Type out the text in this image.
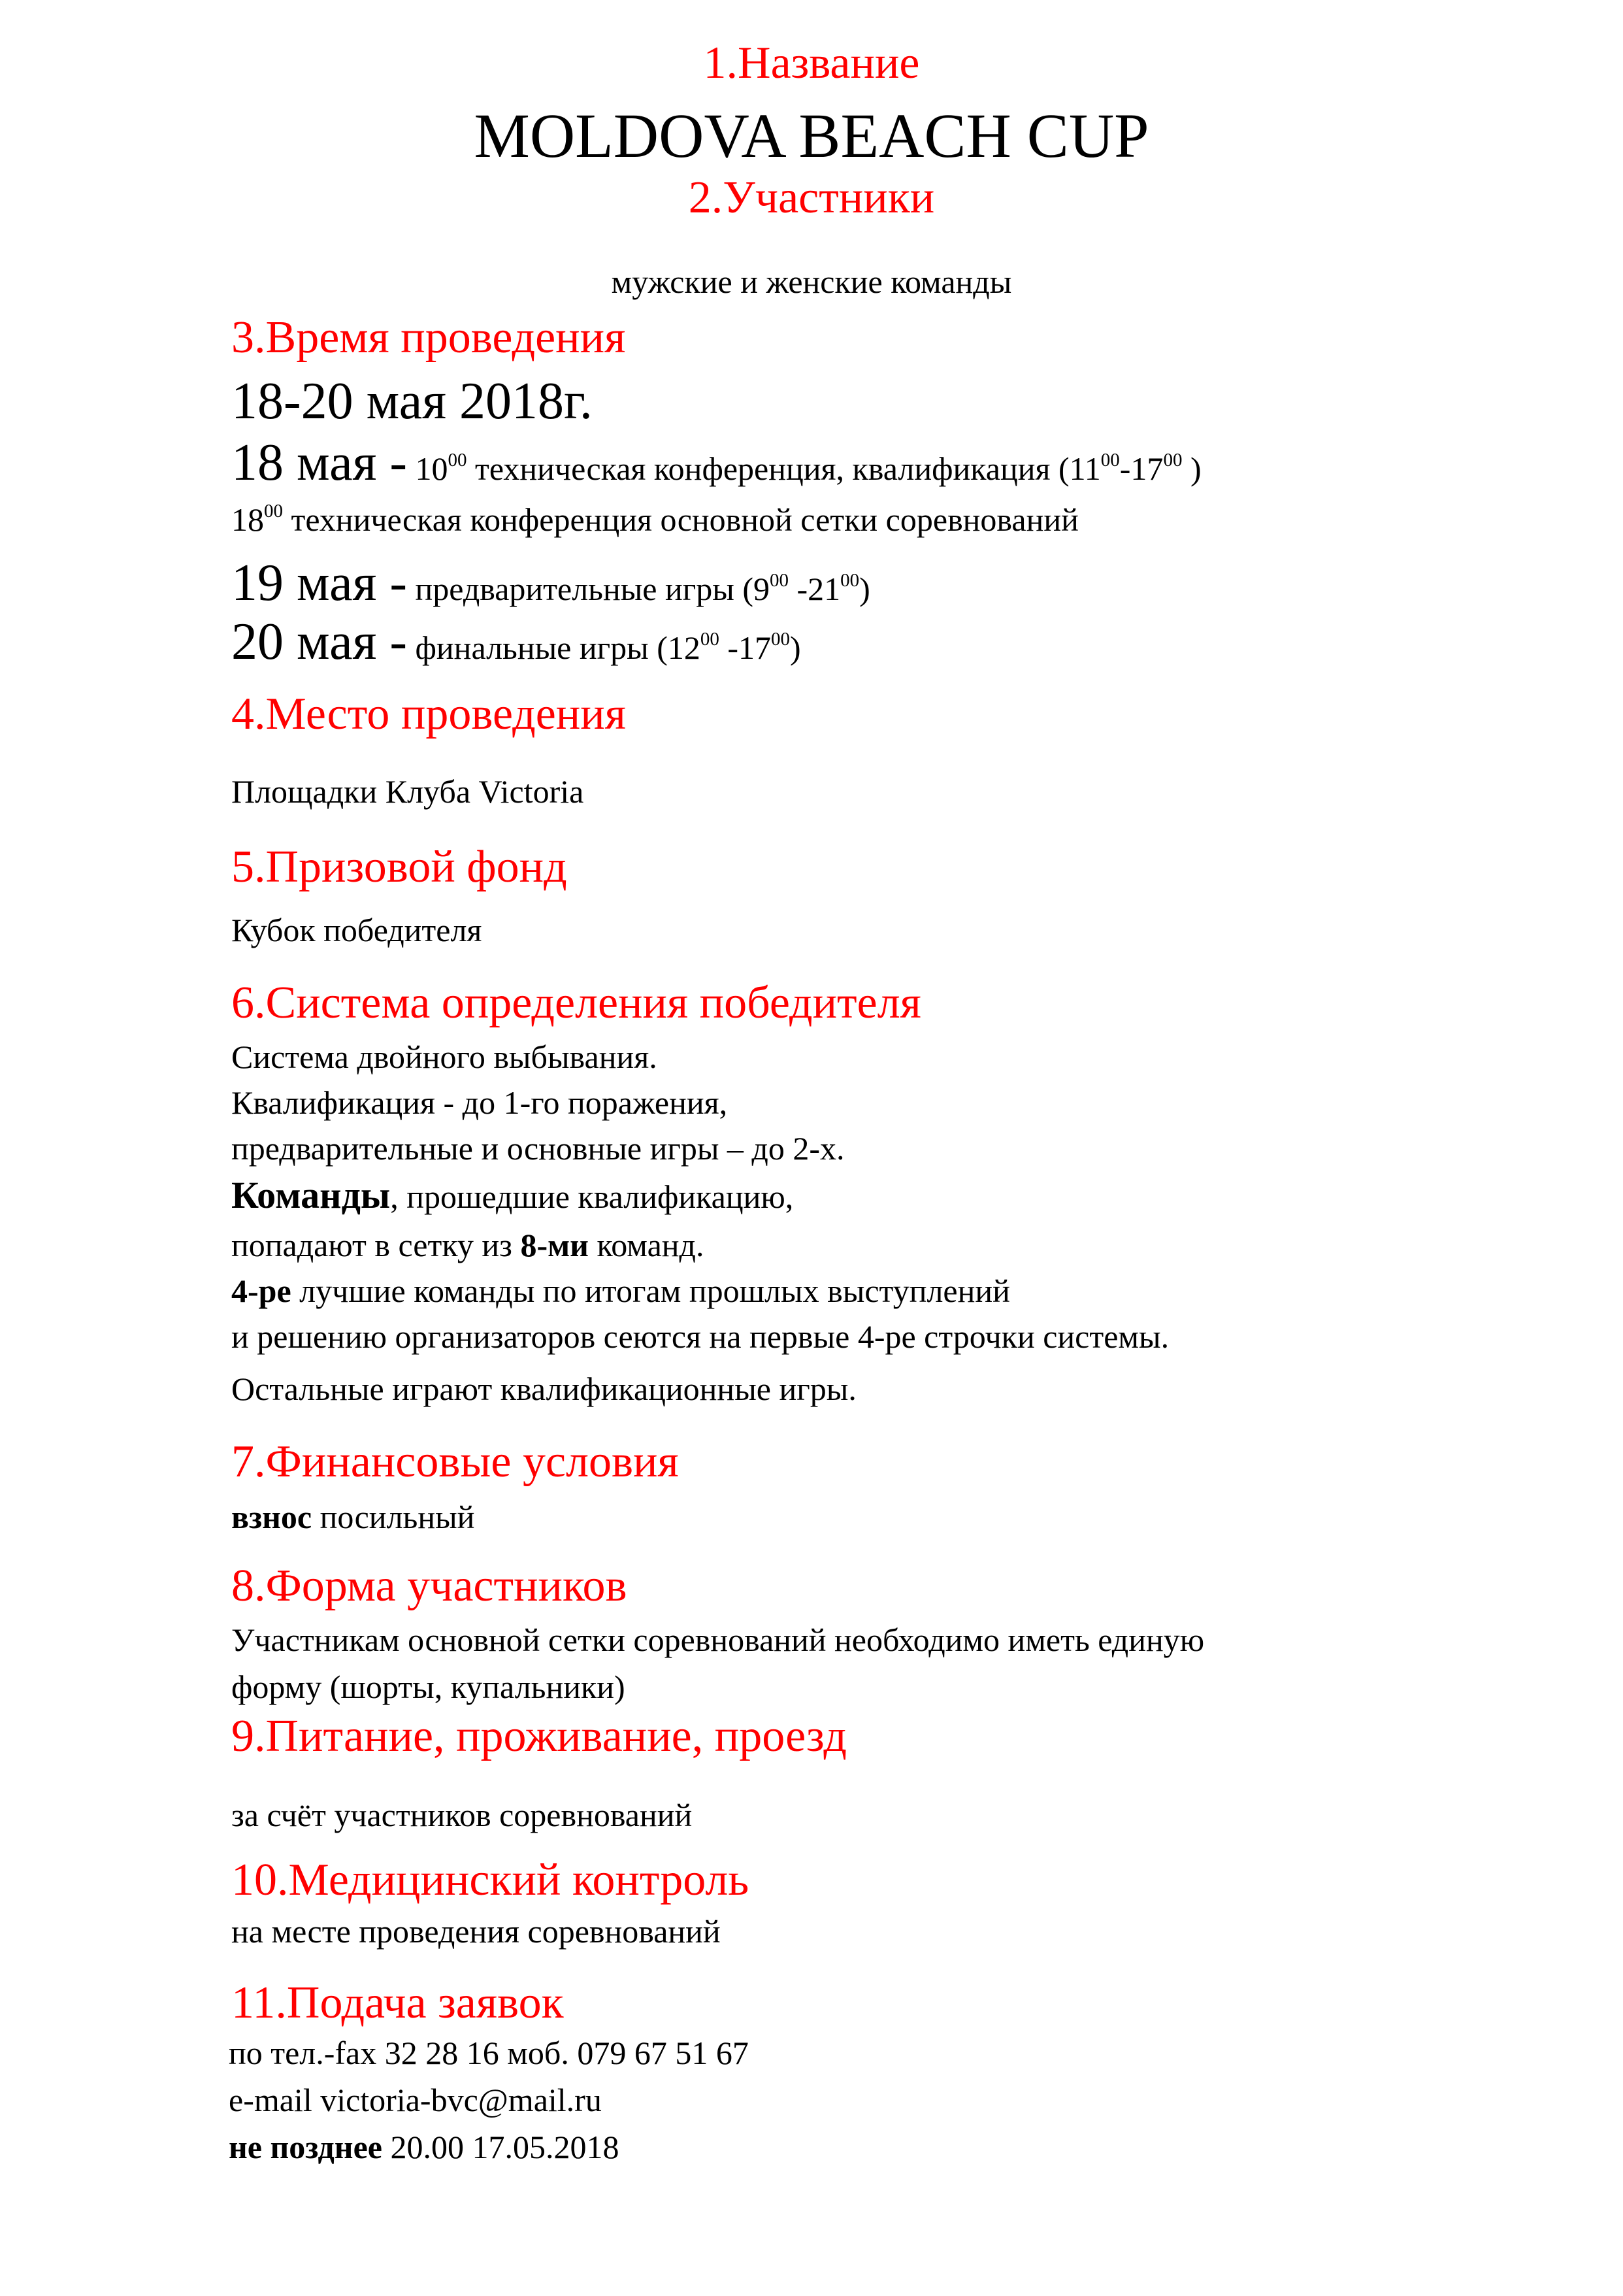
1.Название
MOLDOVA BEACH CUP
2.Участники
мужские и женские команды
3.Время проведения
18-20 мая 2018г.
18 мая - $10^{00}$ техническая конференция, квалификация ($11^{00}-17^{00}$ )
$18^{00}$ техническая конференция основной сетки соревнований
19 мая - предварительные игры ($9^{00}$ $-21^{00}$)
20 мая - финальные игры ($12^{00}$ $-17^{00}$)
4.Место проведения
Площадки Клуба Victoria
5.Призовой фонд
Кубок победителя
6.Система определения победителя
Система двойного выбывания.
Квалификация - до 1-го поражения,
предварительные и основные игры – до 2-х.
Команды, прошедшие квалификацию,
попадают в сетку из 8-ми команд.
4-ре лучшие команды по итогам прошлых выступлений
и решению организаторов сеются на первые 4-ре строчки системы.
Остальные играют квалификационные игры.
7.Финансовые условия
взнос посильный
8.Форма участников
Участникам основной сетки соревнований необходимо иметь единую
форму (шорты, купальники)
9.Питание, проживание, проезд
за счёт участников соревнований
10.Медицинский контроль
на месте проведения соревнований
11.Подача заявок
по тел.-fax 32 28 16 моб. 079 67 51 67
e-mail victoria-bvc@mail.ru
не позднее 20.00 17.05.2018
